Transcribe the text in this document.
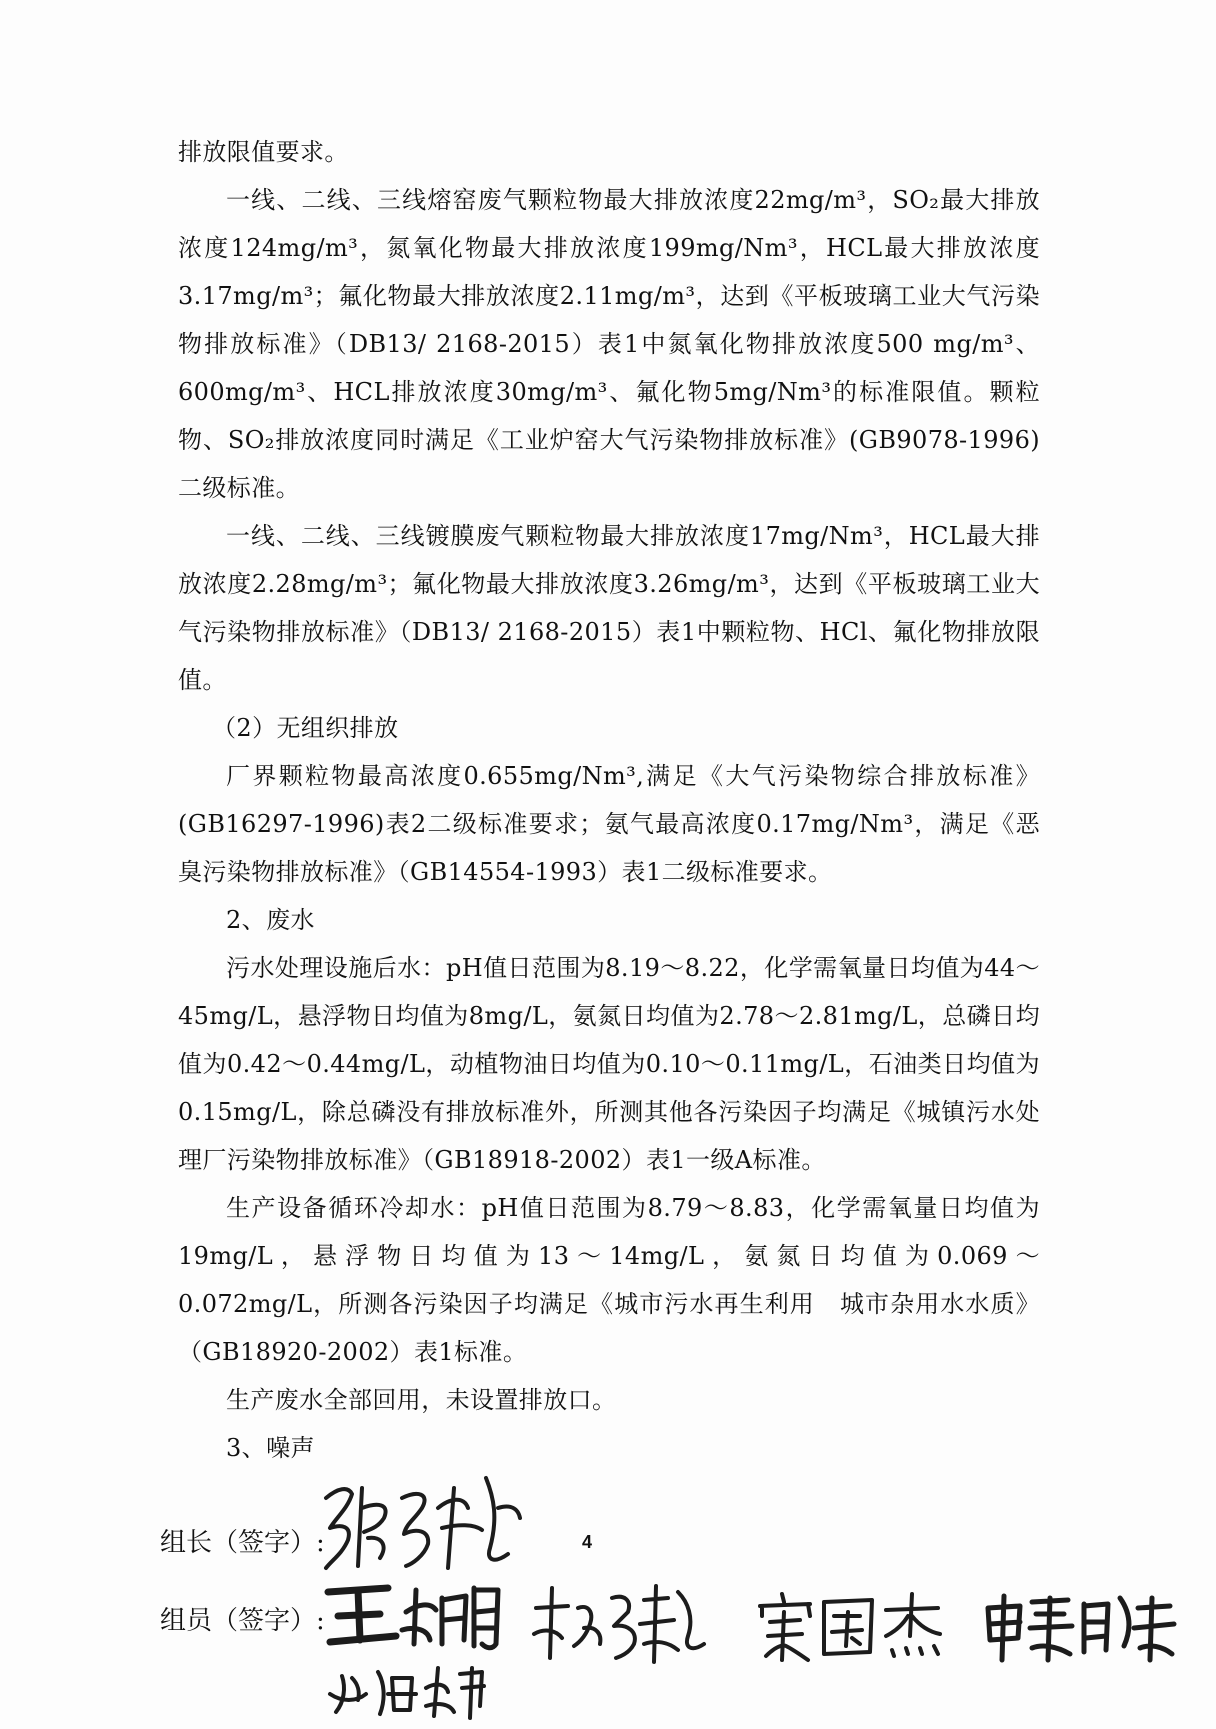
排放限值要求。

一线、二线、三线熔窑废气颗粒物最大排放浓度22mg/m³，SO₂最大排放浓度124mg/m³，氮氧化物最大排放浓度199mg/Nm³，HCL最大排放浓度3.17mg/m³；氟化物最大排放浓度2.11mg/m³，达到《平板玻璃工业大气污染物排放标准》（DB13/ 2168-2015）表1中氮氧化物排放浓度500 mg/m³、600mg/m³、HCL排放浓度30mg/m³、氟化物5mg/Nm³的标准限值。颗粒物、SO₂排放浓度同时满足《工业炉窑大气污染物排放标准》(GB9078-1996)二级标准。

一线、二线、三线镀膜废气颗粒物最大排放浓度17mg/Nm³，HCL最大排放浓度2.28mg/m³；氟化物最大排放浓度3.26mg/m³，达到《平板玻璃工业大气污染物排放标准》（DB13/ 2168-2015）表1中颗粒物、HCl、氟化物排放限值。

（2）无组织排放

厂界颗粒物最高浓度0.655mg/Nm³,满足《大气污染物综合排放标准》(GB16297-1996)表2二级标准要求；氨气最高浓度0.17mg/Nm³，满足《恶臭污染物排放标准》（GB14554-1993）表1二级标准要求。

2、废水

污水处理设施后水：pH值日范围为8.19～8.22，化学需氧量日均值为44～45mg/L，悬浮物日均值为8mg/L，氨氮日均值为2.78～2.81mg/L，总磷日均值为0.42～0.44mg/L，动植物油日均值为0.10～0.11mg/L，石油类日均值为0.15mg/L，除总磷没有排放标准外，所测其他各污染因子均满足《城镇污水处理厂污染物排放标准》（GB18918-2002）表1一级A标准。

生产设备循环冷却水：pH值日范围为8.79～8.83，化学需氧量日均值为19mg/L，悬浮物日均值为13～14mg/L，氨氮日均值为0.069～0.072mg/L，所测各污染因子均满足《城市污水再生利用　城市杂用水水质》（GB18920-2002）表1标准。

生产废水全部回用，未设置排放口。

3、噪声

4
组长（签字）:
组员（签字）:
